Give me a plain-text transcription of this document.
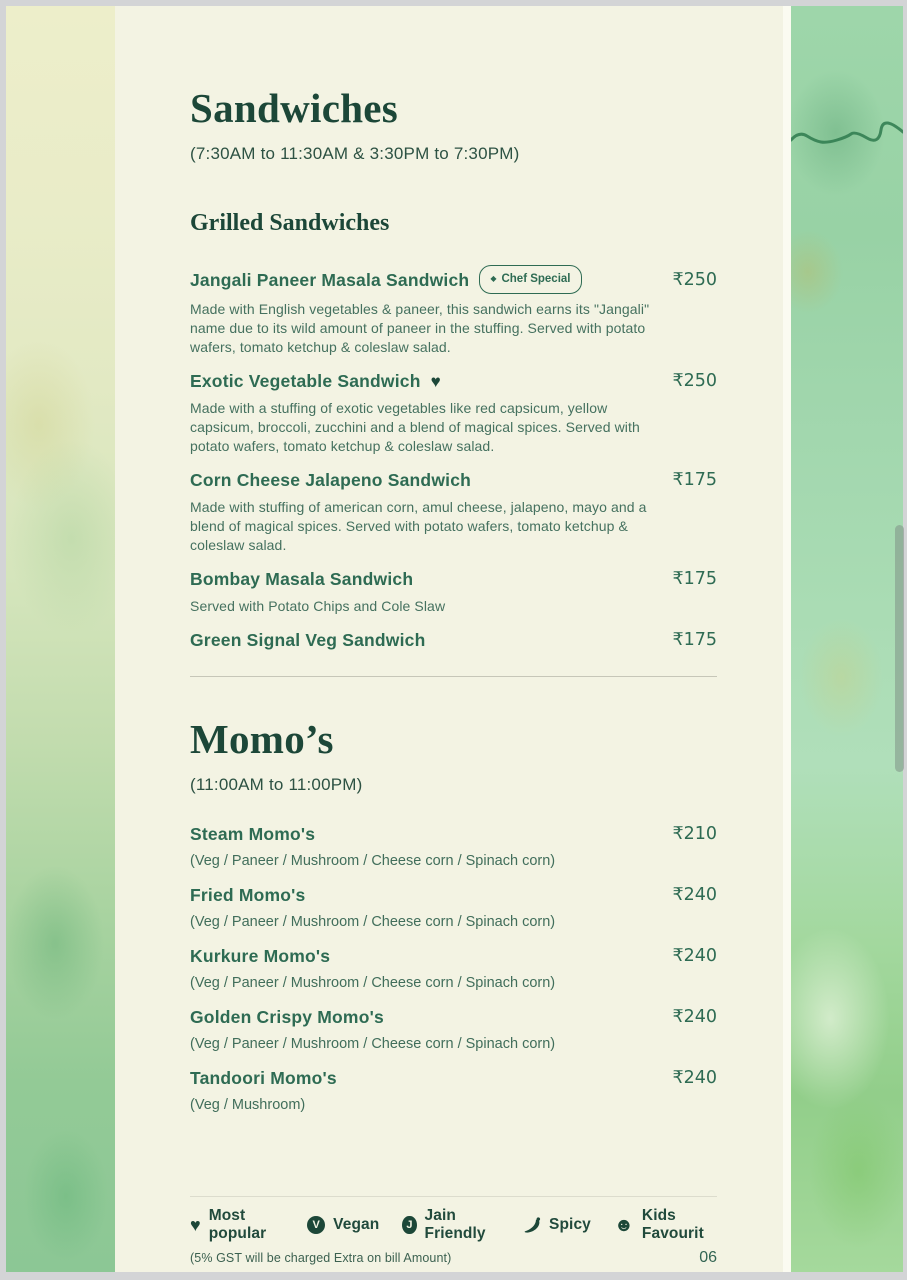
Sandwiches
(7:30AM to 11:30AM & 3:30PM to 7:30PM)
Grilled Sandwiches
Jangali Paneer Masala Sandwich	◆ Chef Special	₹250
Made with English vegetables & paneer, this sandwich earns its "Jangali" name due to its wild amount of paneer in the stuffing. Served with potato wafers, tomato ketchup & coleslaw salad.
Exotic Vegetable Sandwich ♥	₹250
Made with a stuffing of exotic vegetables like red capsicum, yellow capsicum, broccoli, zucchini and a blend of magical spices. Served with potato wafers, tomato ketchup & coleslaw salad.
Corn Cheese Jalapeno Sandwich	₹175
Made with stuffing of american corn, amul cheese, jalapeno, mayo and a blend of magical spices. Served with potato wafers, tomato ketchup & coleslaw salad.
Bombay Masala Sandwich	₹175
Served with Potato Chips and Cole Slaw
Green Signal Veg Sandwich	₹175
Momo’s
(11:00AM to 11:00PM)
Steam Momo's	₹210
(Veg / Paneer / Mushroom / Cheese corn / Spinach corn)
Fried Momo's	₹240
(Veg / Paneer / Mushroom / Cheese corn / Spinach corn)
Kurkure Momo's	₹240
(Veg / Paneer / Mushroom / Cheese corn / Spinach corn)
Golden Crispy Momo's	₹240
(Veg / Paneer / Mushroom / Cheese corn / Spinach corn)
Tandoori Momo's	₹240
(Veg / Mushroom)
♥ Most popular	V Vegan	J
Jain Friendly
Spicy ☻ Kids Favourit
(5% GST will be charged Extra on bill Amount)	06
